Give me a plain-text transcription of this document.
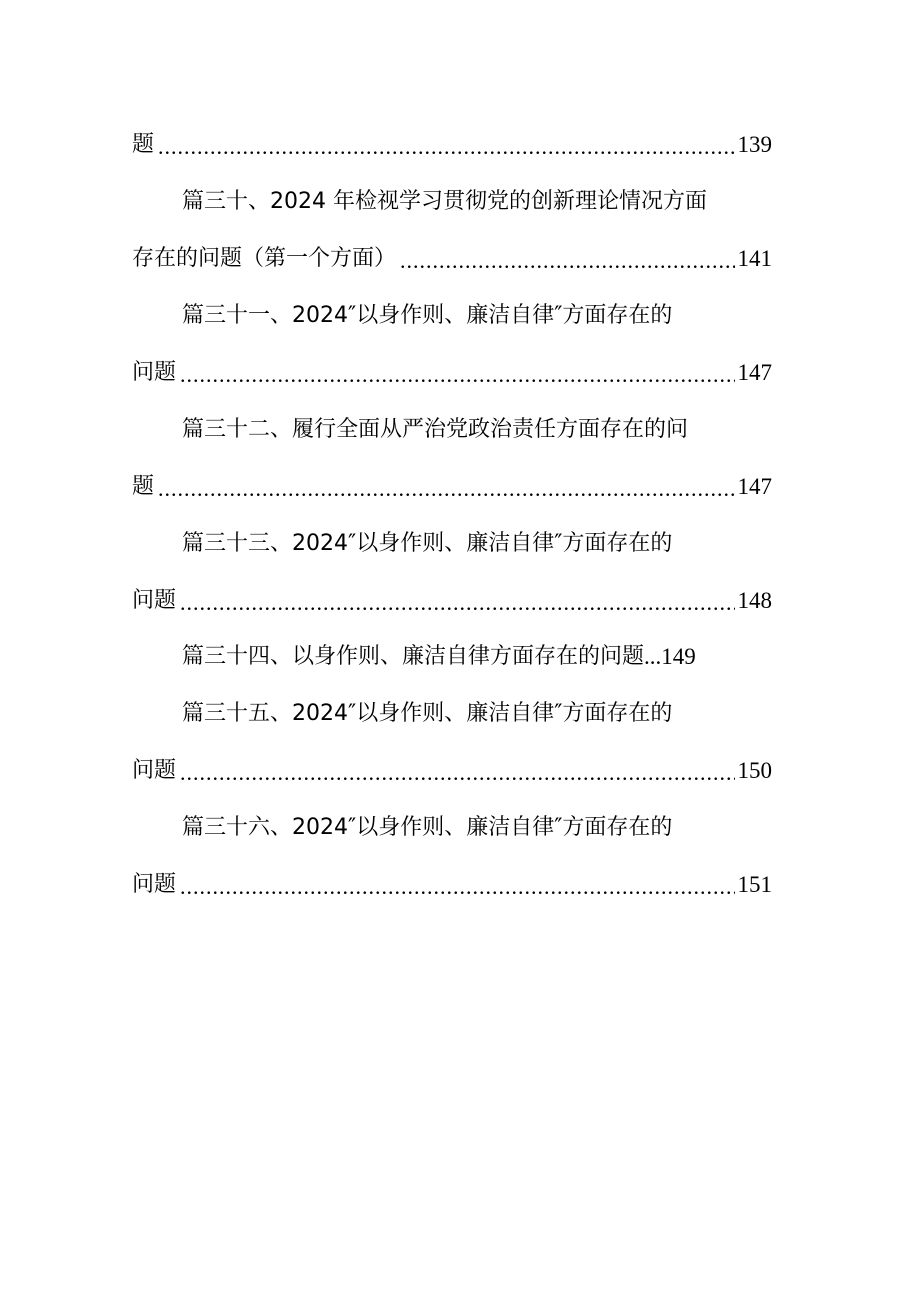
题 .....	139
篇三十、2024 年检视学习贯彻党的创新理论情况方面
存在的问题（第一个方面） .....	141
篇三十一、2024″以身作则、廉洁自律″方面存在的
问题 .....	147
篇三十二、履行全面从严治党政治责任方面存在的问
题 .....	147
篇三十三、2024″以身作则、廉洁自律″方面存在的
问题 .....	148
篇三十四、以身作则、廉洁自律方面存在的问题 ... 149
篇三十五、2024″以身作则、廉洁自律″方面存在的
问题 .....	150
篇三十六、2024″以身作则、廉洁自律″方面存在的
问题 .....	151
